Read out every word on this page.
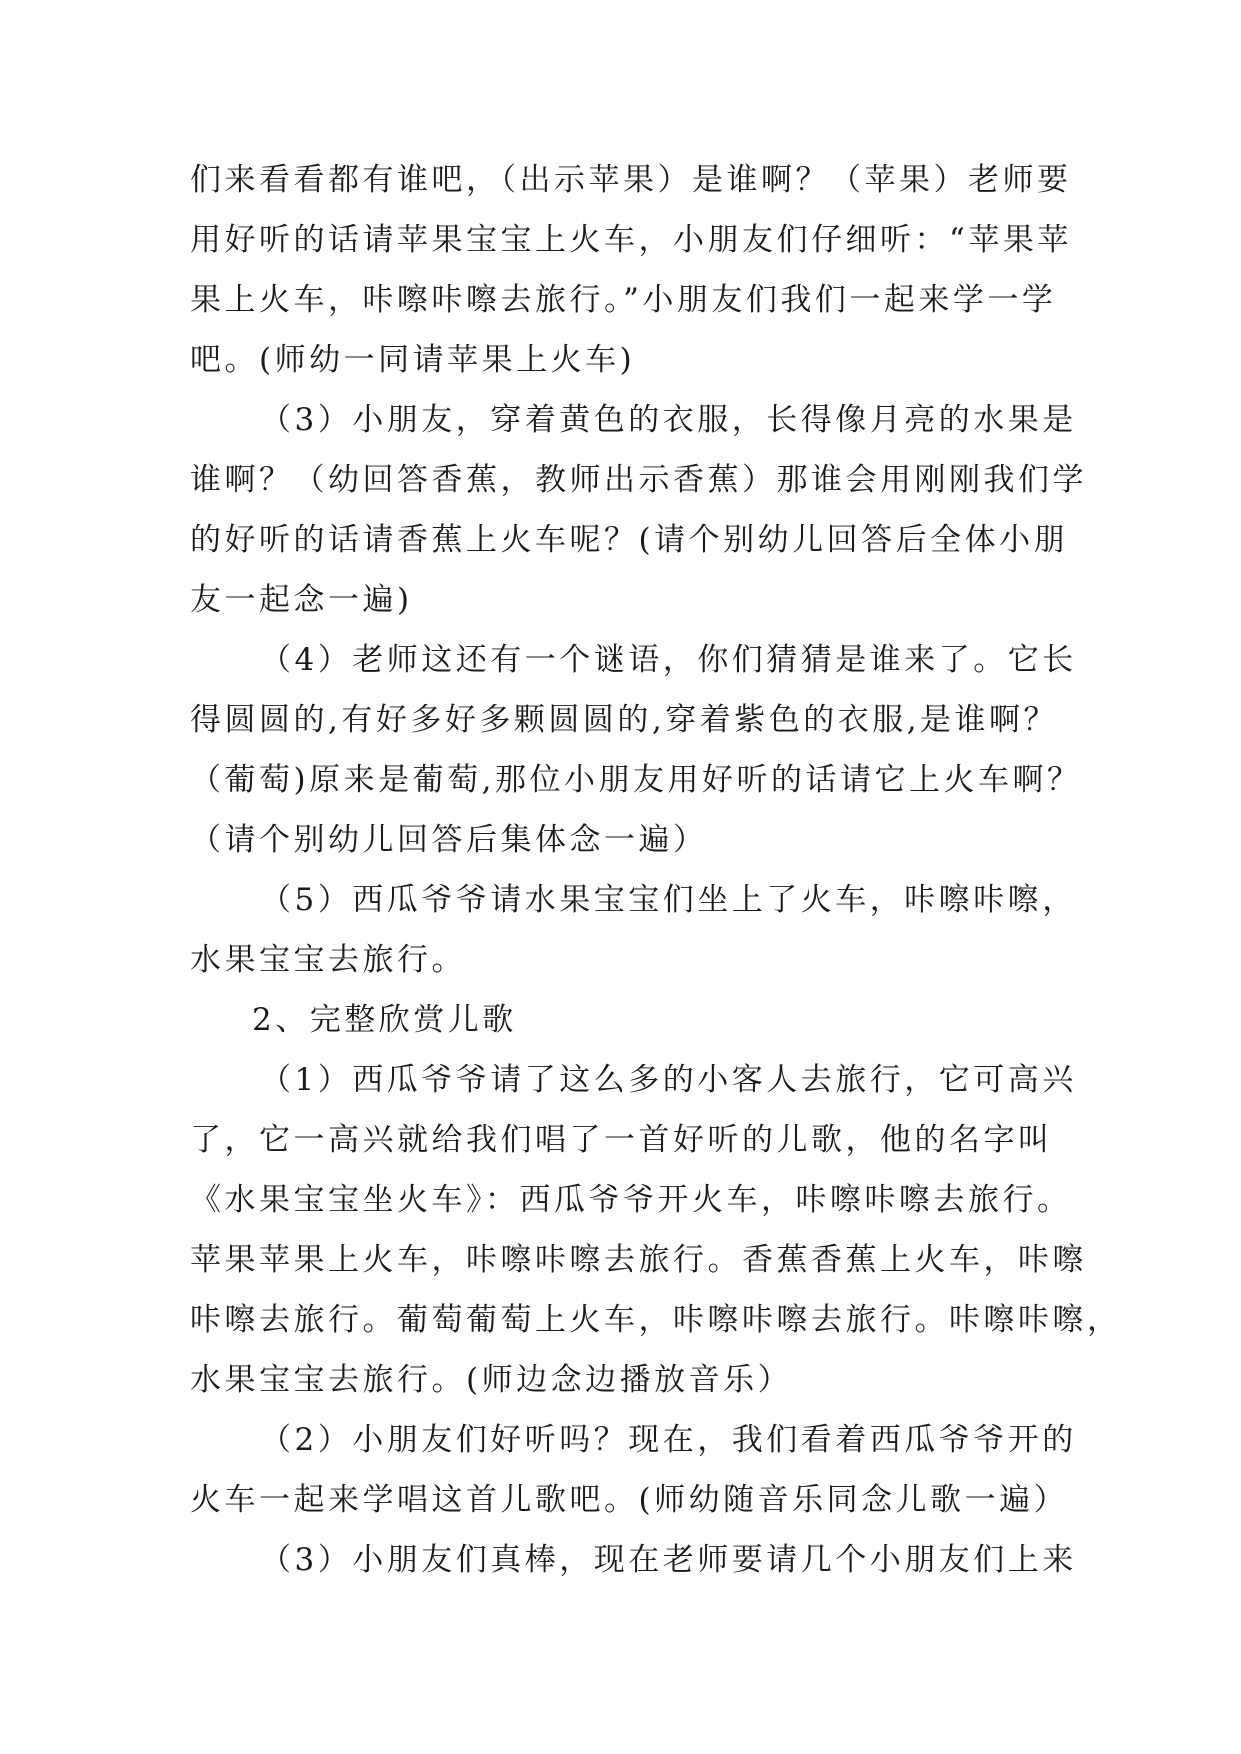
们来看看都有谁吧，（出示苹果）是谁啊？（苹果）老师要
用好听的话请苹果宝宝上火车，小朋友们仔细听：“苹果苹
果上火车，咔嚓咔嚓去旅行。”小朋友们我们一起来学一学
吧。(师幼一同请苹果上火车)
（3）小朋友，穿着黄色的衣服，长得像月亮的水果是
谁啊？（幼回答香蕉，教师出示香蕉）那谁会用刚刚我们学
的好听的话请香蕉上火车呢？(请个别幼儿回答后全体小朋
友一起念一遍)
（4）老师这还有一个谜语，你们猜猜是谁来了。它长
得圆圆的,有好多好多颗圆圆的,穿着紫色的衣服,是谁啊？
（葡萄)原来是葡萄,那位小朋友用好听的话请它上火车啊？
（请个别幼儿回答后集体念一遍）
（5）西瓜爷爷请水果宝宝们坐上了火车，咔嚓咔嚓，
水果宝宝去旅行。
2、完整欣赏儿歌
（1）西瓜爷爷请了这么多的小客人去旅行，它可高兴
了，它一高兴就给我们唱了一首好听的儿歌，他的名字叫
《水果宝宝坐火车》：西瓜爷爷开火车，咔嚓咔嚓去旅行。
苹果苹果上火车，咔嚓咔嚓去旅行。香蕉香蕉上火车，咔嚓
咔嚓去旅行。葡萄葡萄上火车，咔嚓咔嚓去旅行。咔嚓咔嚓，
水果宝宝去旅行。(师边念边播放音乐）
（2）小朋友们好听吗？现在，我们看着西瓜爷爷开的
火车一起来学唱这首儿歌吧。(师幼随音乐同念儿歌一遍）
（3）小朋友们真棒，现在老师要请几个小朋友们上来
